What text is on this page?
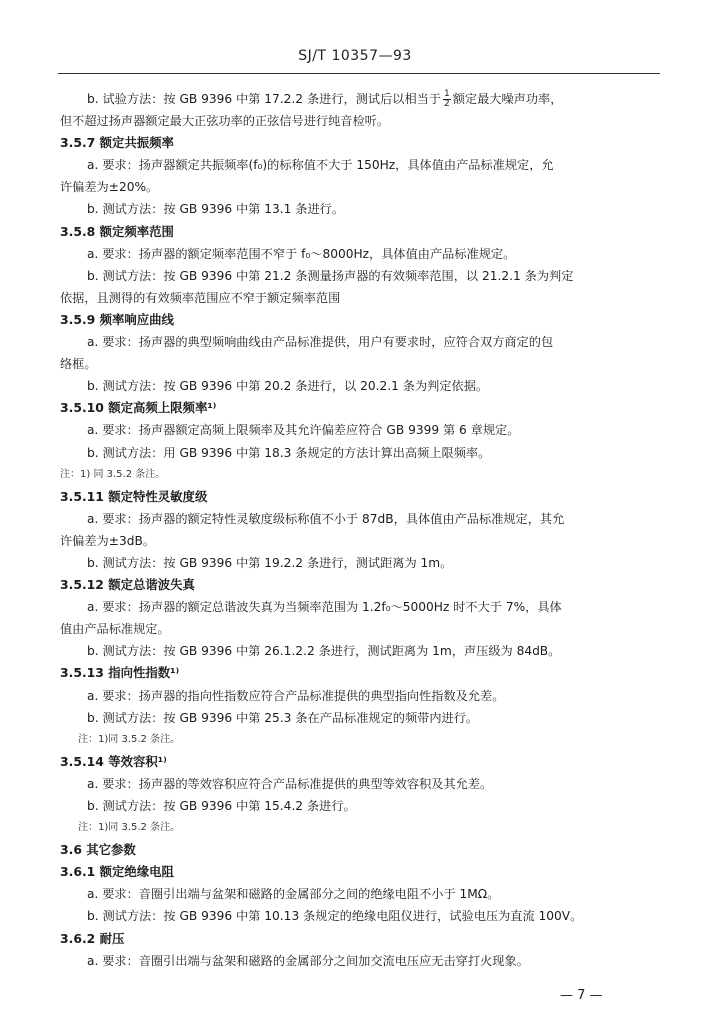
SJ/T 10357—93
b. 试验方法：按 GB 9396 中第 17.2.2 条进行，测试后以相当于 $\frac{1}{2}$ 额定最大噪声功率，
但不超过扬声器额定最大正弦功率的正弦信号进行纯音检听。
3.5.7 额定共振频率
a. 要求：扬声器额定共振频率(f₀)的标称值不大于 150Hz，具体值由产品标准规定，允
许偏差为±20%。
b. 测试方法：按 GB 9396 中第 13.1 条进行。
3.5.8 额定频率范围
a. 要求：扬声器的额定频率范围不窄于 f₀～8000Hz，具体值由产品标准规定。
b. 测试方法：按 GB 9396 中第 21.2 条测量扬声器的有效频率范围，以 21.2.1 条为判定
依据，且测得的有效频率范围应不窄于额定频率范围
3.5.9 频率响应曲线
a. 要求：扬声器的典型频响曲线由产品标准提供，用户有要求时，应符合双方商定的包
络框。
b. 测试方法：按 GB 9396 中第 20.2 条进行，以 20.2.1 条为判定依据。
3.5.10 额定高频上限频率¹⁾
a. 要求：扬声器额定高频上限频率及其允许偏差应符合 GB 9399 第 6 章规定。
b. 测试方法：用 GB 9396 中第 18.3 条规定的方法计算出高频上限频率。
注：1) 同 3.5.2 条注。
3.5.11 额定特性灵敏度级
a. 要求：扬声器的额定特性灵敏度级标称值不小于 87dB，具体值由产品标准规定，其允
许偏差为±3dB。
b. 测试方法：按 GB 9396 中第 19.2.2 条进行，测试距离为 1m。
3.5.12 额定总谐波失真
a. 要求：扬声器的额定总谐波失真为当频率范围为 1.2f₀～5000Hz 时不大于 7%，具体
值由产品标准规定。
b. 测试方法：按 GB 9396 中第 26.1.2.2 条进行，测试距离为 1m，声压级为 84dB。
3.5.13 指向性指数¹⁾
a. 要求：扬声器的指向性指数应符合产品标准提供的典型指向性指数及允差。
b. 测试方法：按 GB 9396 中第 25.3 条在产品标准规定的频带内进行。
注：1)同 3.5.2 条注。
3.5.14 等效容积¹⁾
a. 要求：扬声器的等效容积应符合产品标准提供的典型等效容积及其允差。
b. 测试方法：按 GB 9396 中第 15.4.2 条进行。
注：1)同 3.5.2 条注。
3.6 其它参数
3.6.1 额定绝缘电阻
a. 要求：音圈引出端与盆架和磁路的金属部分之间的绝缘电阻不小于 1MΩ。
b. 测试方法：按 GB 9396 中第 10.13 条规定的绝缘电阻仪进行，试验电压为直流 100V。
3.6.2 耐压
a. 要求：音圈引出端与盆架和磁路的金属部分之间加交流电压应无击穿打火现象。
— 7 —
